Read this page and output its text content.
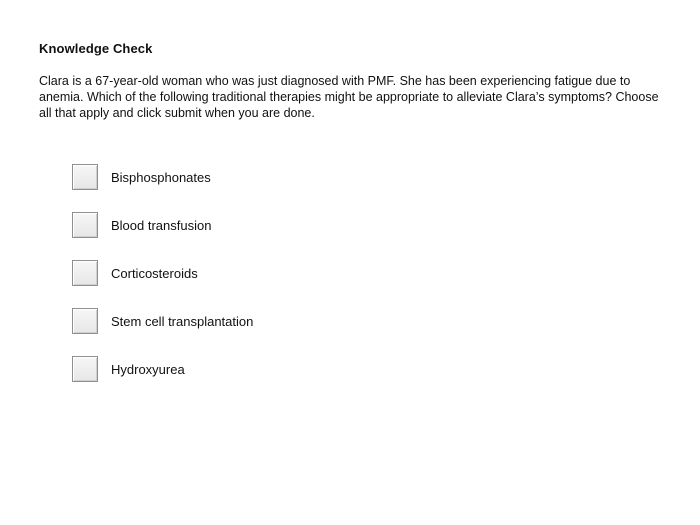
Knowledge Check
Clara is a 67-year-old woman who was just diagnosed with PMF. She has been experiencing fatigue due to anemia. Which of the following traditional therapies might be appropriate to alleviate Clara’s symptoms? Choose all that apply and click submit when you are done.
Bisphosphonates
Blood transfusion
Corticosteroids
Stem cell transplantation
Hydroxyurea
